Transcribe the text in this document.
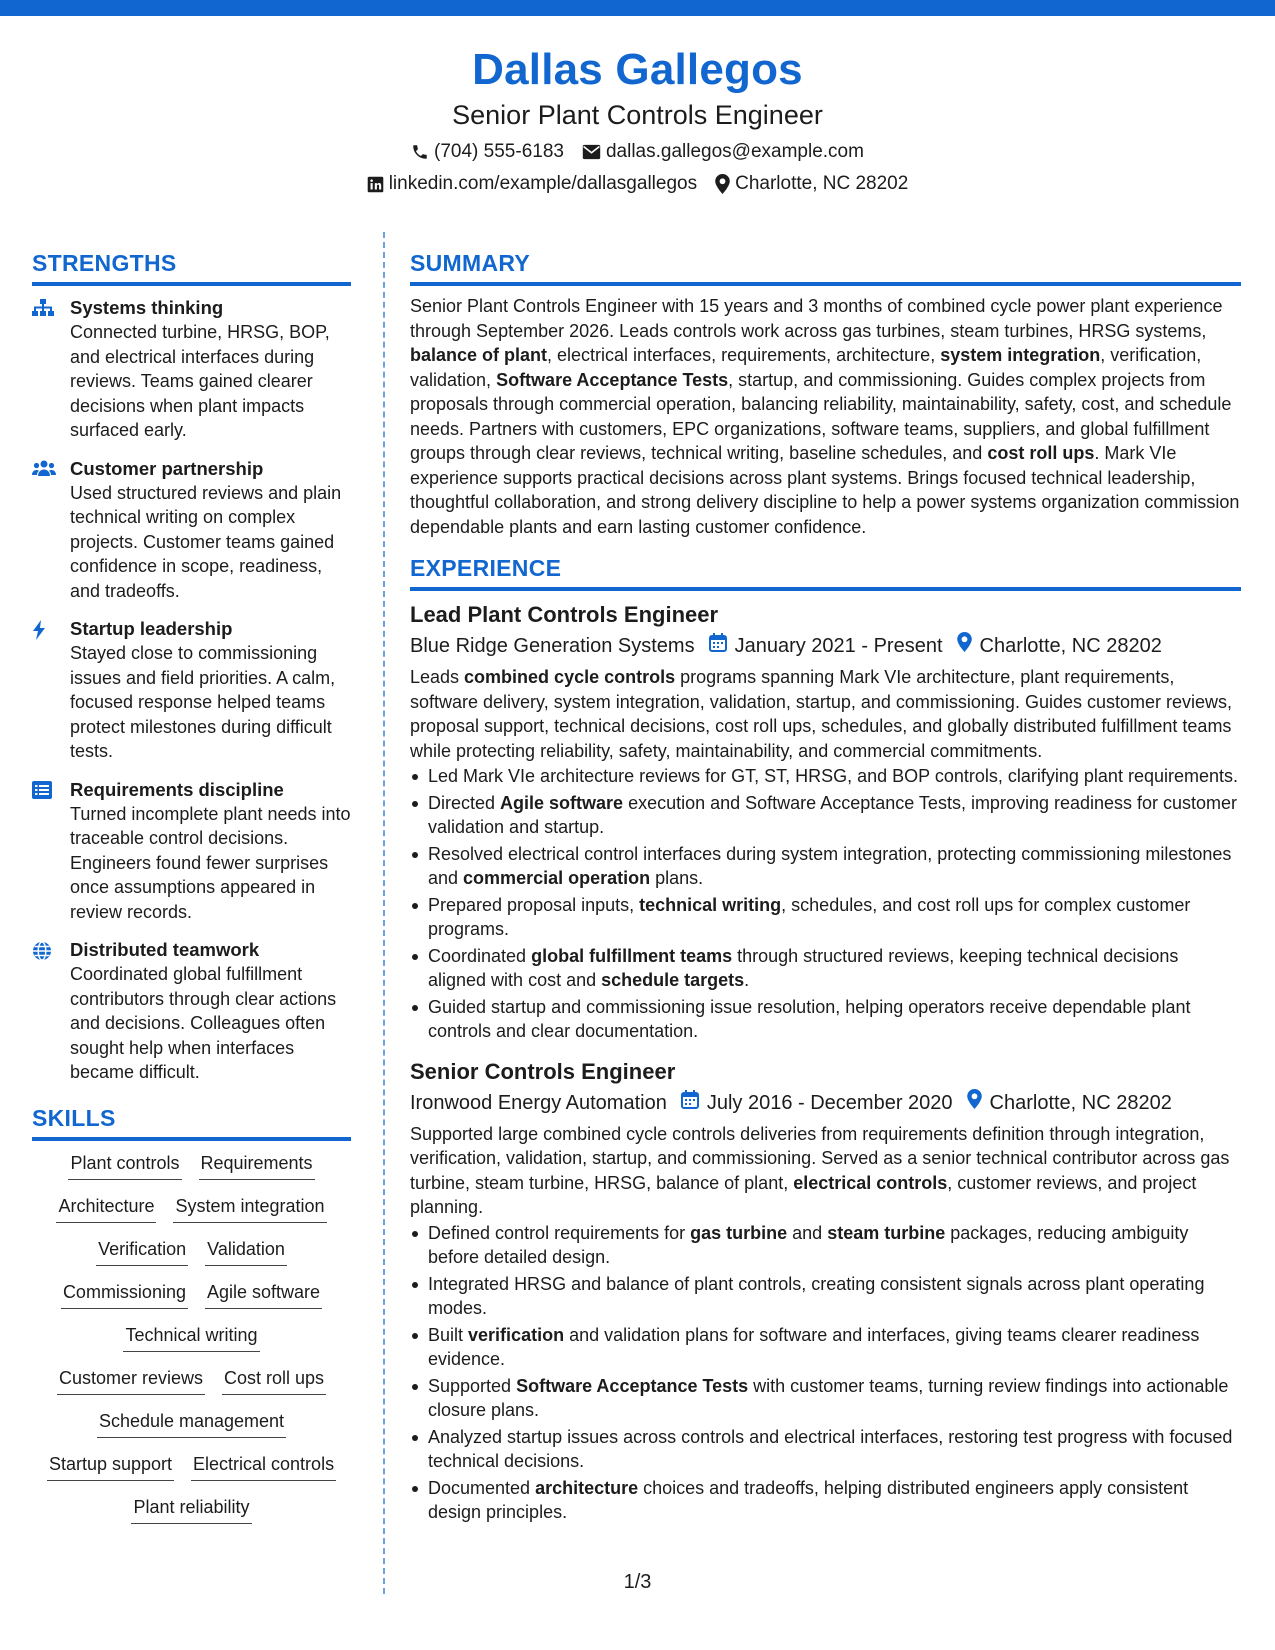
Dallas Gallegos
Senior Plant Controls Engineer
(704) 555-6183 dallas.gallegos@example.com
linkedin.com/example/dallasgallegos Charlotte, NC 28202
STRENGTHS
Systems thinking
Connected turbine, HRSG, BOP, and electrical interfaces during reviews. Teams gained clearer decisions when plant impacts surfaced early.
Customer partnership
Used structured reviews and plain technical writing on complex projects. Customer teams gained confidence in scope, readiness, and tradeoffs.
Startup leadership
Stayed close to commissioning issues and field priorities. A calm, focused response helped teams protect milestones during difficult tests.
Requirements discipline
Turned incomplete plant needs into traceable control decisions. Engineers found fewer surprises once assumptions appeared in review records.
Distributed teamwork
Coordinated global fulfillment contributors through clear actions and decisions. Colleagues often sought help when interfaces became difficult.
SKILLS
Plant controls Requirements
Architecture System integration
Verification Validation
Commissioning Agile software
Technical writing
Customer reviews Cost roll ups
Schedule management
Startup support Electrical controls
Plant reliability
SUMMARY
Senior Plant Controls Engineer with 15 years and 3 months of combined cycle power plant experience through September 2026. Leads controls work across gas turbines, steam turbines, HRSG systems, balance of plant, electrical interfaces, requirements, architecture, system integration, verification, validation, Software Acceptance Tests, startup, and commissioning. Guides complex projects from proposals through commercial operation, balancing reliability, maintainability, safety, cost, and schedule needs. Partners with customers, EPC organizations, software teams, suppliers, and global fulfillment groups through clear reviews, technical writing, baseline schedules, and cost roll ups. Mark VIe experience supports practical decisions across plant systems. Brings focused technical leadership, thoughtful collaboration, and strong delivery discipline to help a power systems organization commission dependable plants and earn lasting customer confidence.
EXPERIENCE
Lead Plant Controls Engineer
Blue Ridge Generation Systems January 2021 - Present Charlotte, NC 28202
Leads combined cycle controls programs spanning Mark VIe architecture, plant requirements, software delivery, system integration, validation, startup, and commissioning. Guides customer reviews, proposal support, technical decisions, cost roll ups, schedules, and globally distributed fulfillment teams while protecting reliability, safety, maintainability, and commercial commitments.
Led Mark VIe architecture reviews for GT, ST, HRSG, and BOP controls, clarifying plant requirements.
Directed Agile software execution and Software Acceptance Tests, improving readiness for customer validation and startup.
Resolved electrical control interfaces during system integration, protecting commissioning milestones and commercial operation plans.
Prepared proposal inputs, technical writing, schedules, and cost roll ups for complex customer programs.
Coordinated global fulfillment teams through structured reviews, keeping technical decisions aligned with cost and schedule targets.
Guided startup and commissioning issue resolution, helping operators receive dependable plant controls and clear documentation.
Senior Controls Engineer
Ironwood Energy Automation July 2016 - December 2020 Charlotte, NC 28202
Supported large combined cycle controls deliveries from requirements definition through integration, verification, validation, startup, and commissioning. Served as a senior technical contributor across gas turbine, steam turbine, HRSG, balance of plant, electrical controls, customer reviews, and project planning.
Defined control requirements for gas turbine and steam turbine packages, reducing ambiguity before detailed design.
Integrated HRSG and balance of plant controls, creating consistent signals across plant operating modes.
Built verification and validation plans for software and interfaces, giving teams clearer readiness evidence.
Supported Software Acceptance Tests with customer teams, turning review findings into actionable closure plans.
Analyzed startup issues across controls and electrical interfaces, restoring test progress with focused technical decisions.
Documented architecture choices and tradeoffs, helping distributed engineers apply consistent design principles.
1/3
